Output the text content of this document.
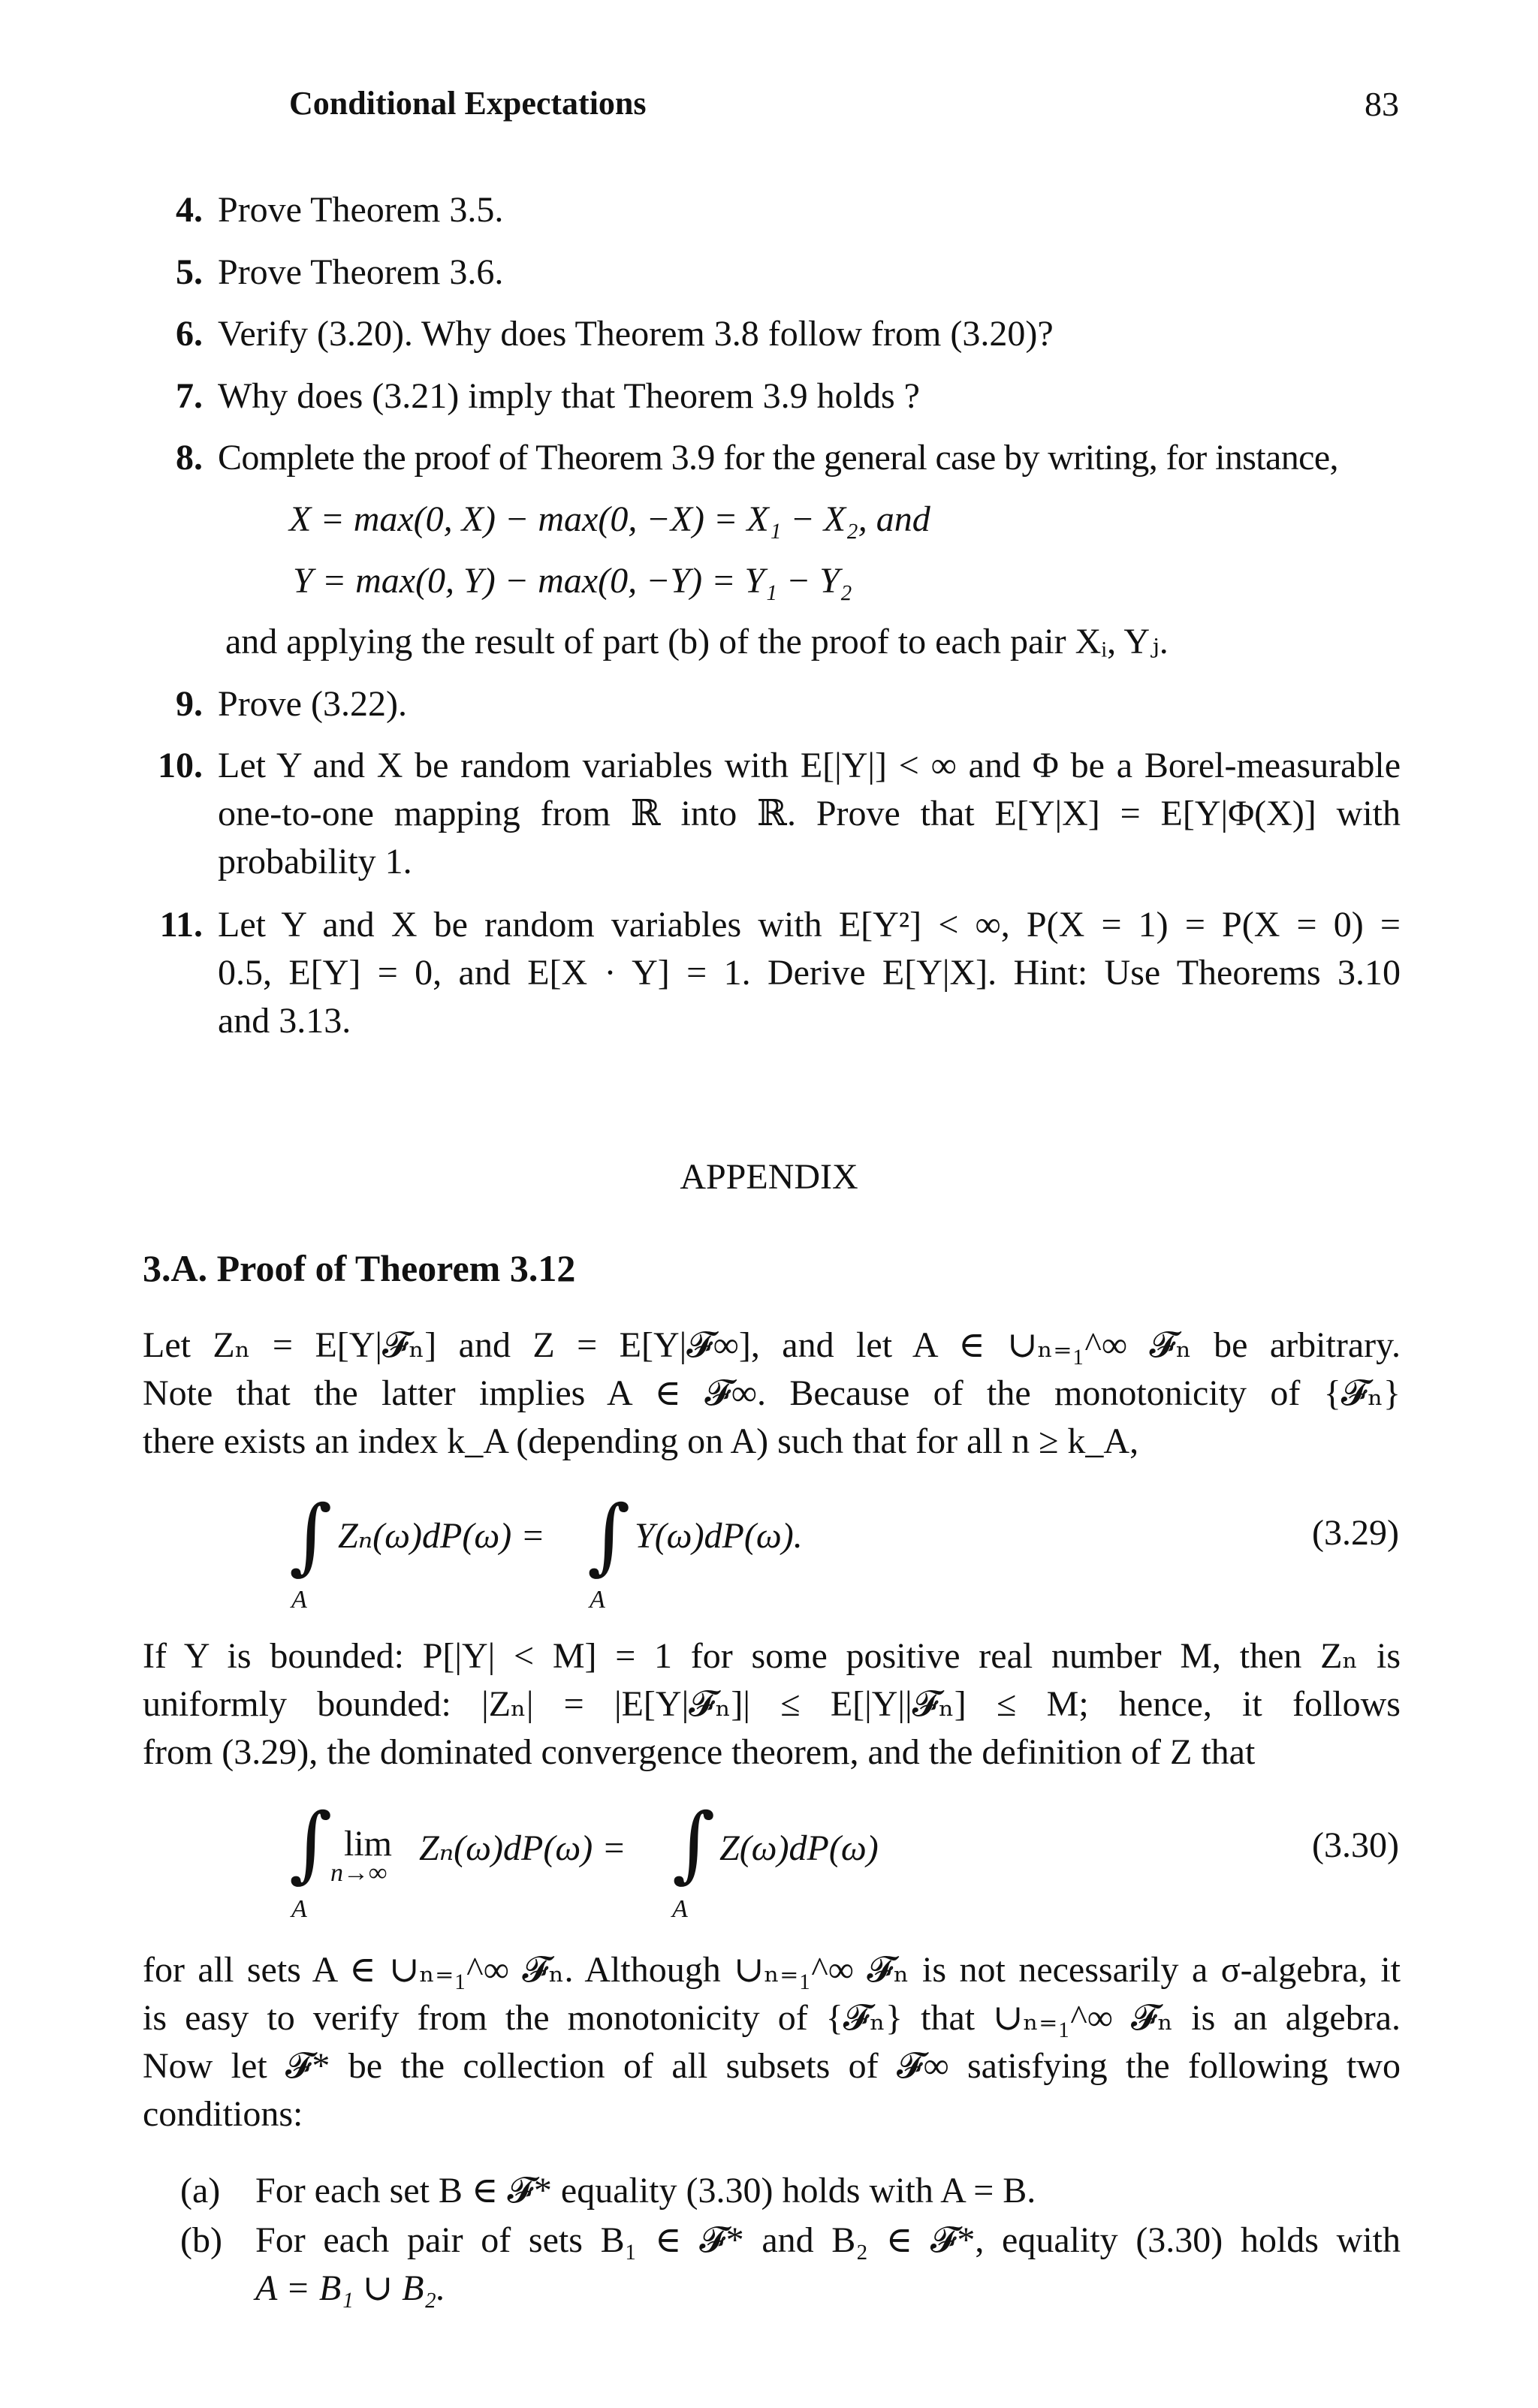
Conditional Expectations	83
4. Prove Theorem 3.5.
5. Prove Theorem 3.6.
6. Verify (3.20). Why does Theorem 3.8 follow from (3.20)?
7. Why does (3.21) imply that Theorem 3.9 holds ?
8. Complete the proof of Theorem 3.9 for the general case by writing, for instance,
X = max(0, X) − max(0, −X) = X₁ − X₂, and
Y = max(0, Y) − max(0, −Y) = Y₁ − Y₂
and applying the result of part (b) of the proof to each pair Xᵢ, Yⱼ.
9. Prove (3.22).
10. Let Y and X be random variables with E[|Y|] < ∞ and Φ be a Borel-measurable
one-to-one mapping from ℝ into ℝ. Prove that E[Y|X] = E[Y|Φ(X)] with
probability 1.
11. Let Y and X be random variables with E[Y²] < ∞, P(X = 1) = P(X = 0) =
0.5, E[Y] = 0, and E[X · Y] = 1. Derive E[Y|X]. Hint: Use Theorems 3.10
and 3.13.
APPENDIX
3.A. Proof of Theorem 3.12
Let Zₙ = E[Y|𝓕ₙ] and Z = E[Y|𝓕∞], and let A ∈ ∪ₙ₌₁^∞ 𝓕ₙ be arbitrary.
Note that the latter implies A ∈ 𝓕∞. Because of the monotonicity of {𝓕ₙ}
there exists an index k_A (depending on A) such that for all n ≥ k_A,
∫
A
Zₙ(ω)dP(ω) = ∫
A
Y(ω)dP(ω).	(3.29)
If Y is bounded: P[|Y| < M] = 1 for some positive real number M, then Zₙ is
uniformly bounded: |Zₙ| = |E[Y|𝓕ₙ]| ≤ E[|Y||𝓕ₙ] ≤ M; hence, it follows
from (3.29), the dominated convergence theorem, and the definition of Z that
∫
A
lim
n→∞
Zₙ(ω)dP(ω) = ∫
A
Z(ω)dP(ω)	(3.30)
for all sets A ∈ ∪ₙ₌₁^∞ 𝓕ₙ. Although ∪ₙ₌₁^∞ 𝓕ₙ is not necessarily a σ-algebra, it
is easy to verify from the monotonicity of {𝓕ₙ} that ∪ₙ₌₁^∞ 𝓕ₙ is an algebra.
Now let 𝓕* be the collection of all subsets of 𝓕∞ satisfying the following two
conditions:
(a) For each set B ∈ 𝓕* equality (3.30) holds with A = B.
(b) For each pair of sets B₁ ∈ 𝓕* and B₂ ∈ 𝓕*, equality (3.30) holds with
A = B₁ ∪ B₂.
